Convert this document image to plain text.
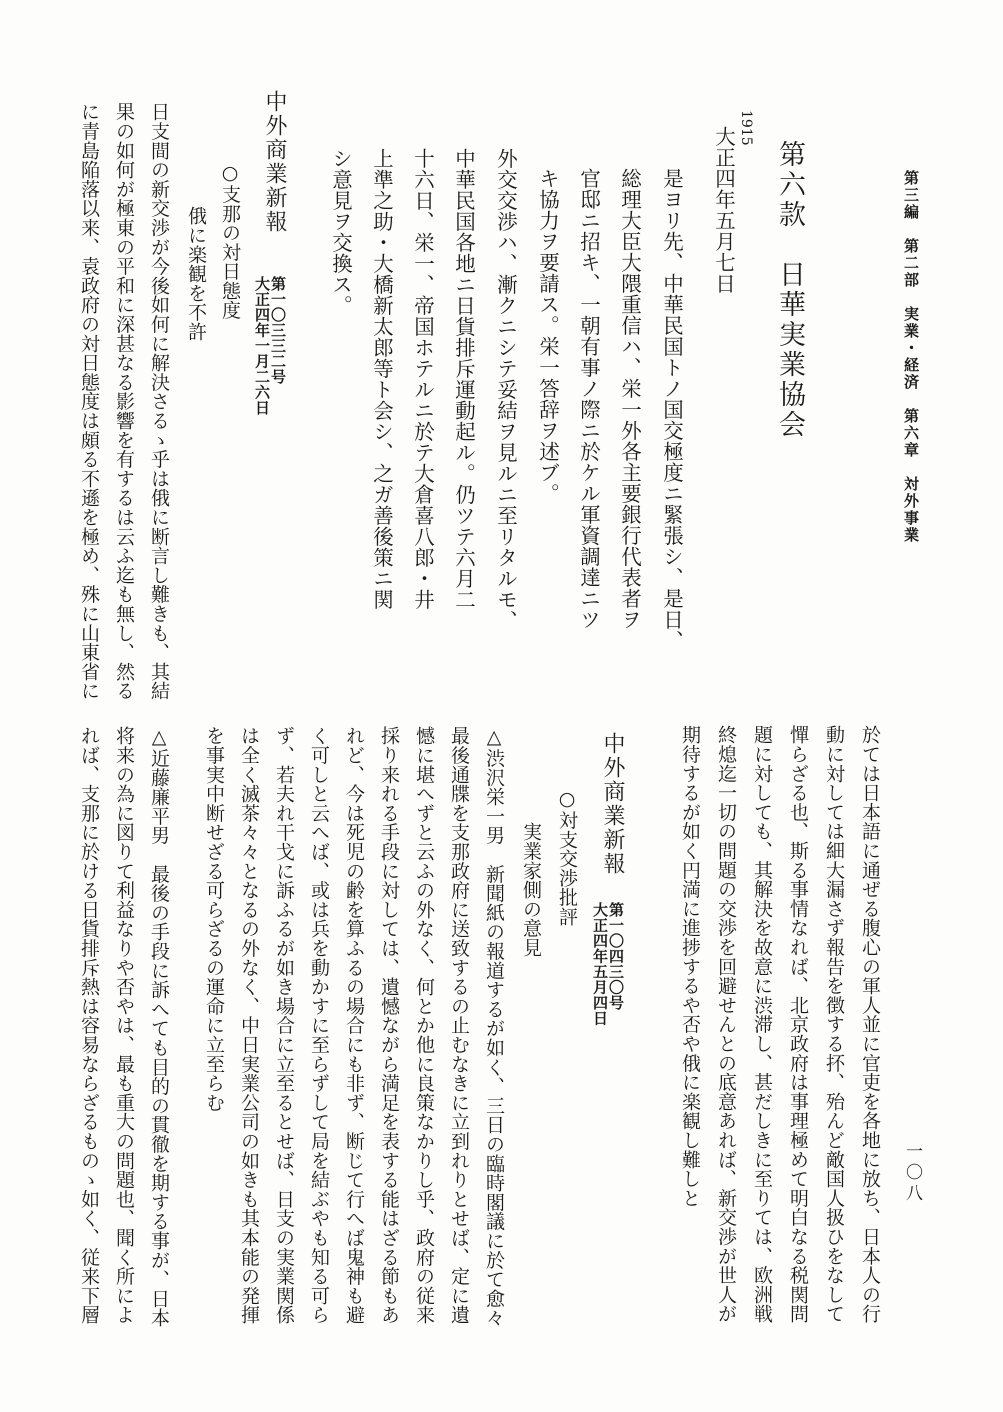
第三編　第二部　実業・経済　第六章　対外事業
一〇八
第六款　日華実業協会
1915
大正四年五月七日
是ヨリ先、中華民国トノ国交極度ニ緊張シ、是日、
総理大臣大隈重信ハ、栄一外各主要銀行代表者ヲ
官邸ニ招キ、一朝有事ノ際ニ於ケル軍資調達ニツ
キ協力ヲ要請ス。栄一答辞ヲ述ブ。
外交交渉ハ、漸クニシテ妥結ヲ見ルニ至リタルモ、
中華民国各地ニ日貨排斥運動起ル。仍ツテ六月二
十六日、栄一、帝国ホテルニ於テ大倉喜八郎・井
上準之助・大橋新太郎等ト会シ、之ガ善後策ニ関
シ意見ヲ交換ス。
中外商業新報
第一〇三三二号
大正四年一月二六日
○支那の対日態度
俄に楽観を不許
日支間の新交渉が今後如何に解決さるゝ乎は俄に断言し難きも、其結
果の如何が極東の平和に深甚なる影響を有するは云ふ迄も無し、然る
に青島陥落以来、袁政府の対日態度は頗る不遜を極め、殊に山東省に
於ては日本語に通ぜる腹心の軍人並に官吏を各地に放ち、日本人の行
動に対しては細大漏さず報告を徴する抔、殆んど敵国人扱ひをなして
憚らざる也、斯る事情なれば、北京政府は事理極めて明白なる税関問
題に対しても、其解決を故意に渋滞し、甚だしきに至りては、欧洲戦
終熄迄一切の問題の交渉を回避せんとの底意あれば、新交渉が世人が
期待するが如く円満に進捗するや否や俄に楽観し難しと
中外商業新報
第一〇四三〇号
大正四年五月四日
○対支交渉批評
実業家側の意見
△渋沢栄一男　新聞紙の報道するが如く、三日の臨時閣議に於て愈々
最後通牒を支那政府に送致するの止むなきに立到れりとせば、定に遺
憾に堪へずと云ふの外なく、何とか他に良策なかりし乎、政府の従来
採り来れる手段に対しては、遺憾ながら満足を表する能はざる節もあ
れど、今は死児の齢を算ふるの場合にも非ず、断じて行へば鬼神も避
く可しと云へば、或は兵を動かすに至らずして局を結ぶやも知る可ら
ず、若夫れ干戈に訴ふるが如き場合に立至るとせば、日支の実業関係
は全く滅茶々々となるの外なく、中日実業公司の如きも其本能の発揮
を事実中断せざる可らざるの運命に立至らむ
△近藤廉平男　最後の手段に訴へても目的の貫徹を期する事が、日本
将来の為に図りて利益なりや否やは、最も重大の問題也、聞く所によ
れば、支那に於ける日貨排斥熱は容易ならざるものゝ如く、従来下層
